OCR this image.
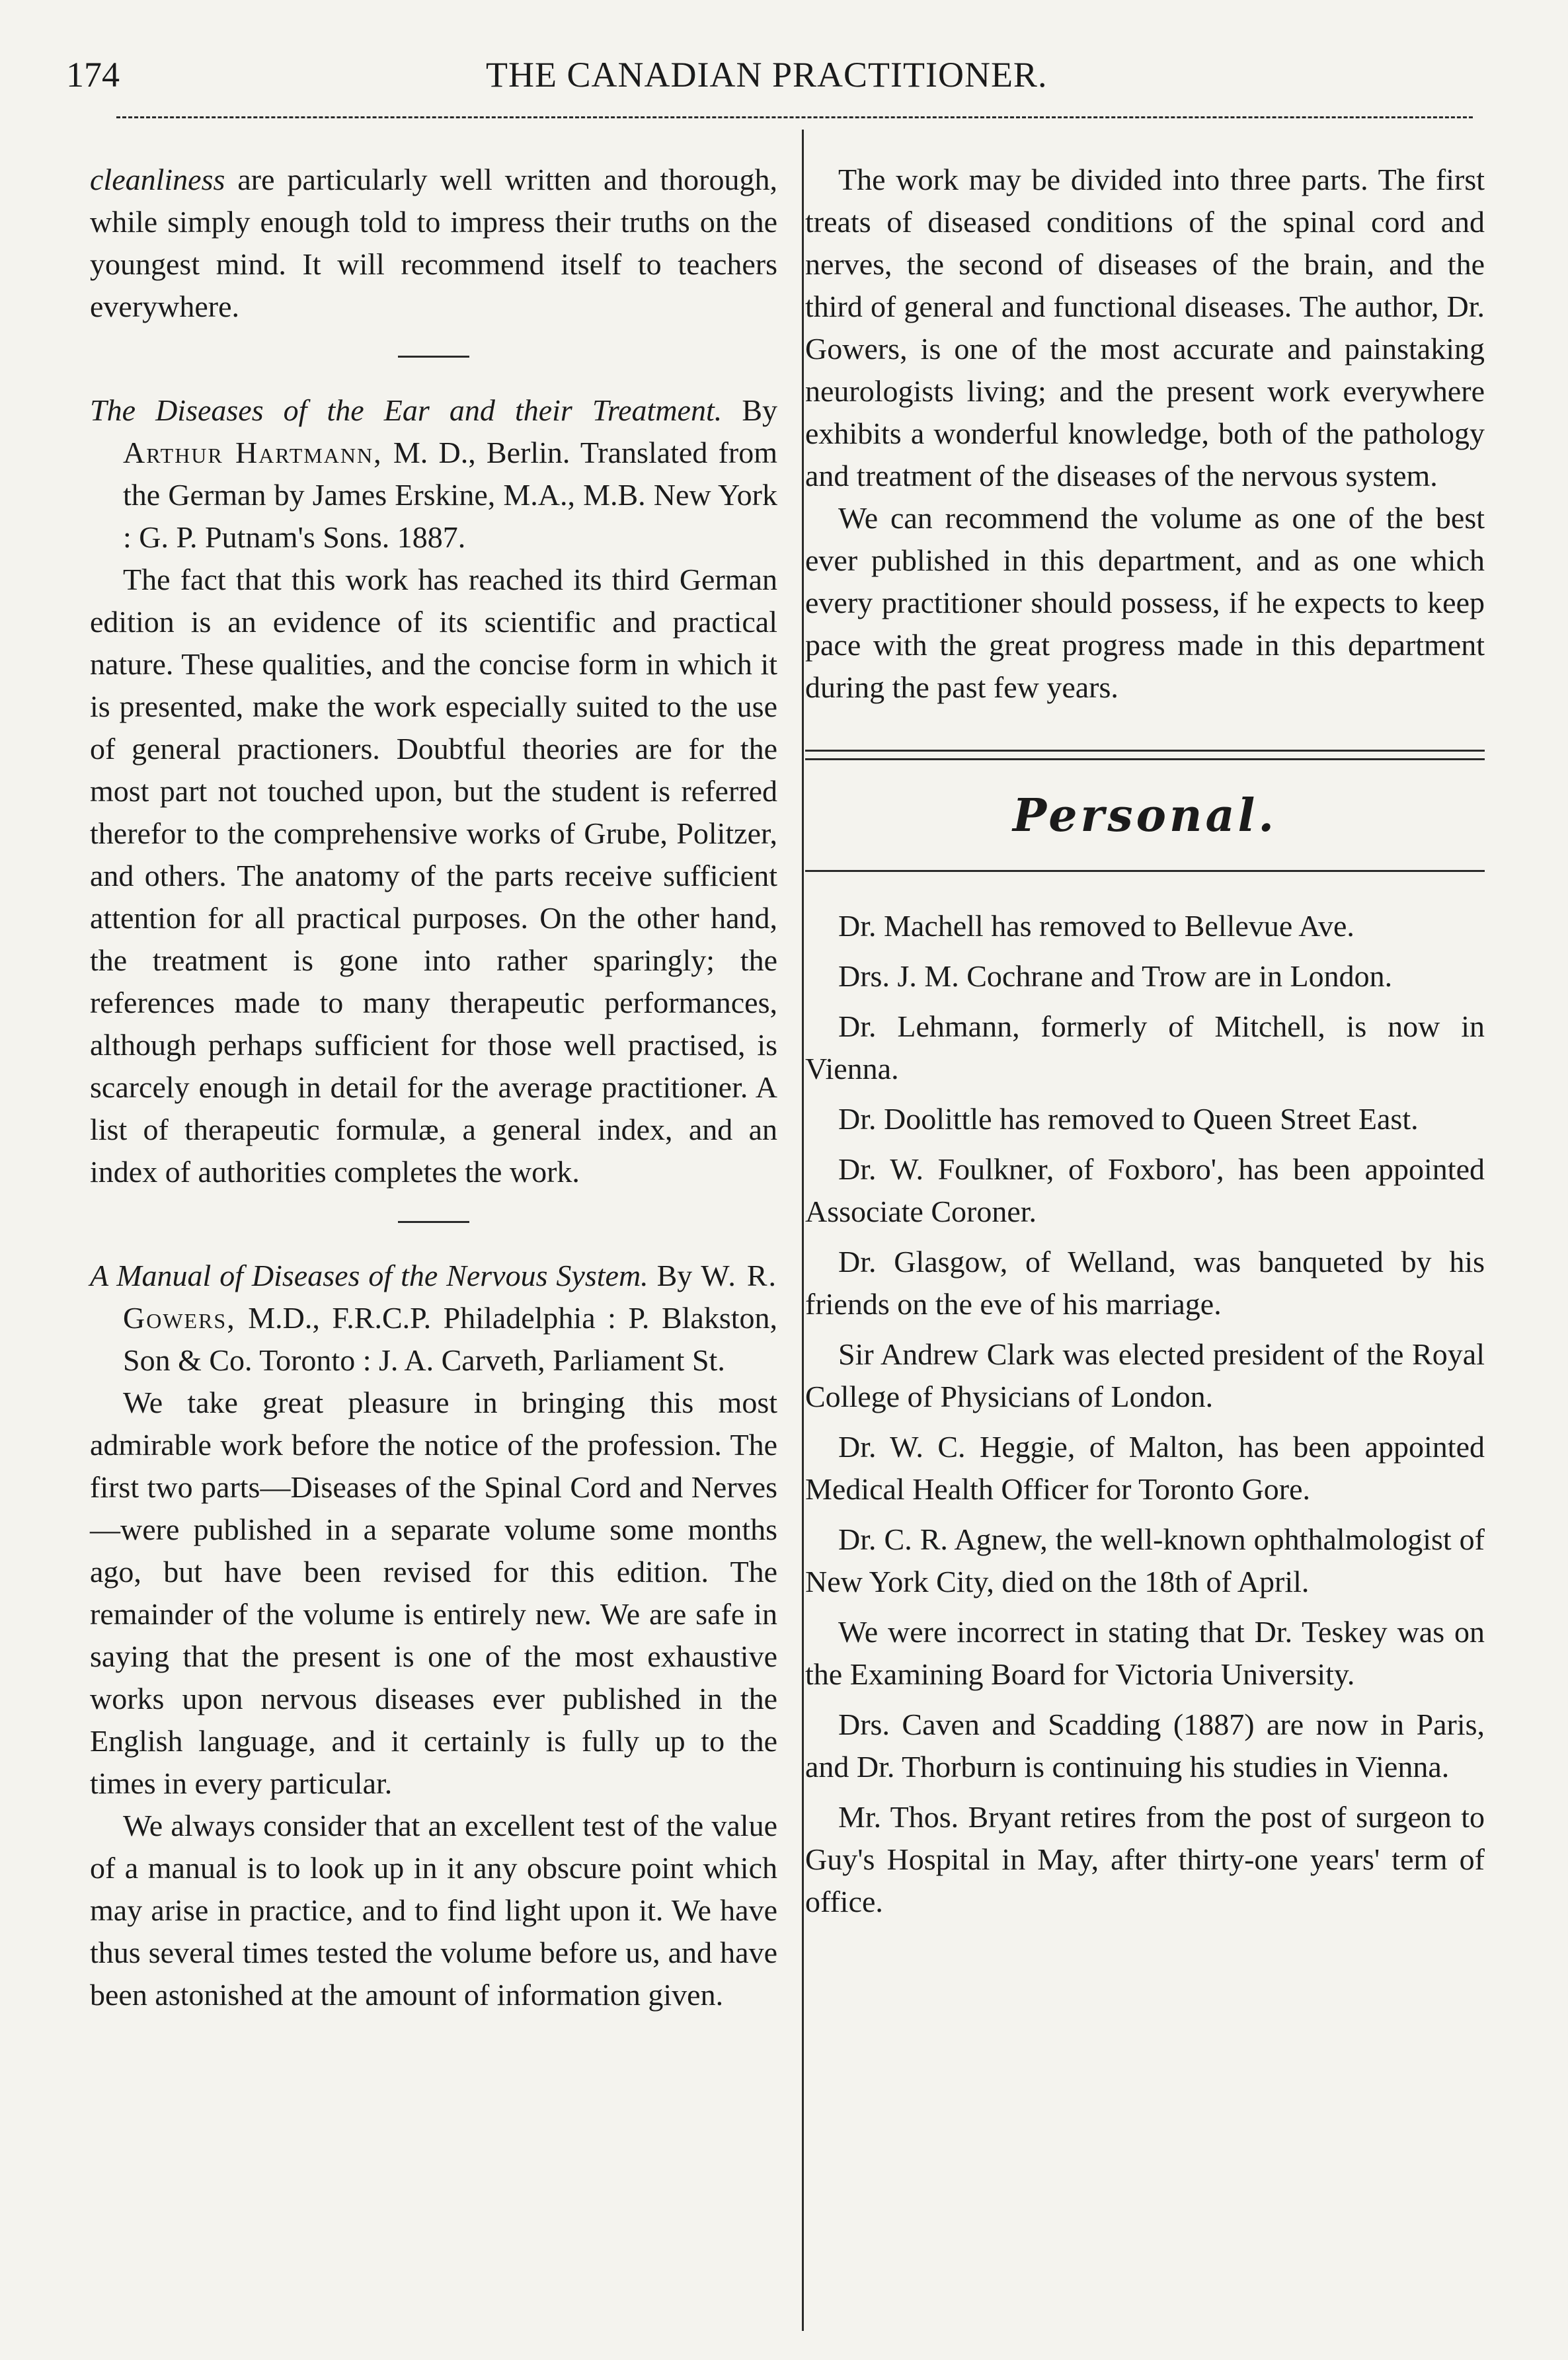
174	THE CANADIAN PRACTITIONER.

cleanliness are particularly well written and thorough, while simply enough told to impress their truths on the youngest mind. It will recommend itself to teachers everywhere.

The Diseases of the Ear and their Treatment. By Arthur Hartmann, M. D., Berlin. Translated from the German by James Erskine, M.A., M.B. New York : G. P. Putnam's Sons. 1887.

The fact that this work has reached its third German edition is an evidence of its scientific and practical nature. These qualities, and the concise form in which it is presented, make the work especially suited to the use of general practioners. Doubtful theories are for the most part not touched upon, but the student is referred therefor to the comprehensive works of Grube, Politzer, and others. The anatomy of the parts receive sufficient attention for all practical purposes. On the other hand, the treatment is gone into rather sparingly; the references made to many therapeutic performances, although perhaps sufficient for those well practised, is scarcely enough in detail for the average practitioner. A list of therapeutic formulæ, a general index, and an index of authorities completes the work.

A Manual of Diseases of the Nervous System. By W. R. Gowers, M.D., F.R.C.P. Philadelphia : P. Blakston, Son & Co. Toronto : J. A. Carveth, Parliament St.

We take great pleasure in bringing this most admirable work before the notice of the profession. The first two parts—Diseases of the Spinal Cord and Nerves—were published in a separate volume some months ago, but have been revised for this edition. The remainder of the volume is entirely new. We are safe in saying that the present is one of the most exhaustive works upon nervous diseases ever published in the English language, and it certainly is fully up to the times in every particular.

We always consider that an excellent test of the value of a manual is to look up in it any obscure point which may arise in practice, and to find light upon it. We have thus several times tested the volume before us, and have been astonished at the amount of information given.

The work may be divided into three parts. The first treats of diseased conditions of the spinal cord and nerves, the second of diseases of the brain, and the third of general and functional diseases. The author, Dr. Gowers, is one of the most accurate and painstaking neurologists living; and the present work everywhere exhibits a wonderful knowledge, both of the pathology and treatment of the diseases of the nervous system.

We can recommend the volume as one of the best ever published in this department, and as one which every practitioner should possess, if he expects to keep pace with the great progress made in this department during the past few years.

Personal.

Dr. Machell has removed to Bellevue Ave.

Drs. J. M. Cochrane and Trow are in London.

Dr. Lehmann, formerly of Mitchell, is now in Vienna.

Dr. Doolittle has removed to Queen Street East.

Dr. W. Foulkner, of Foxboro', has been appointed Associate Coroner.

Dr. Glasgow, of Welland, was banqueted by his friends on the eve of his marriage.

Sir Andrew Clark was elected president of the Royal College of Physicians of London.

Dr. W. C. Heggie, of Malton, has been appointed Medical Health Officer for Toronto Gore.

Dr. C. R. Agnew, the well-known ophthalmologist of New York City, died on the 18th of April.

We were incorrect in stating that Dr. Teskey was on the Examining Board for Victoria University.

Drs. Caven and Scadding (1887) are now in Paris, and Dr. Thorburn is continuing his studies in Vienna.

Mr. Thos. Bryant retires from the post of surgeon to Guy's Hospital in May, after thirty-one years' term of office.
